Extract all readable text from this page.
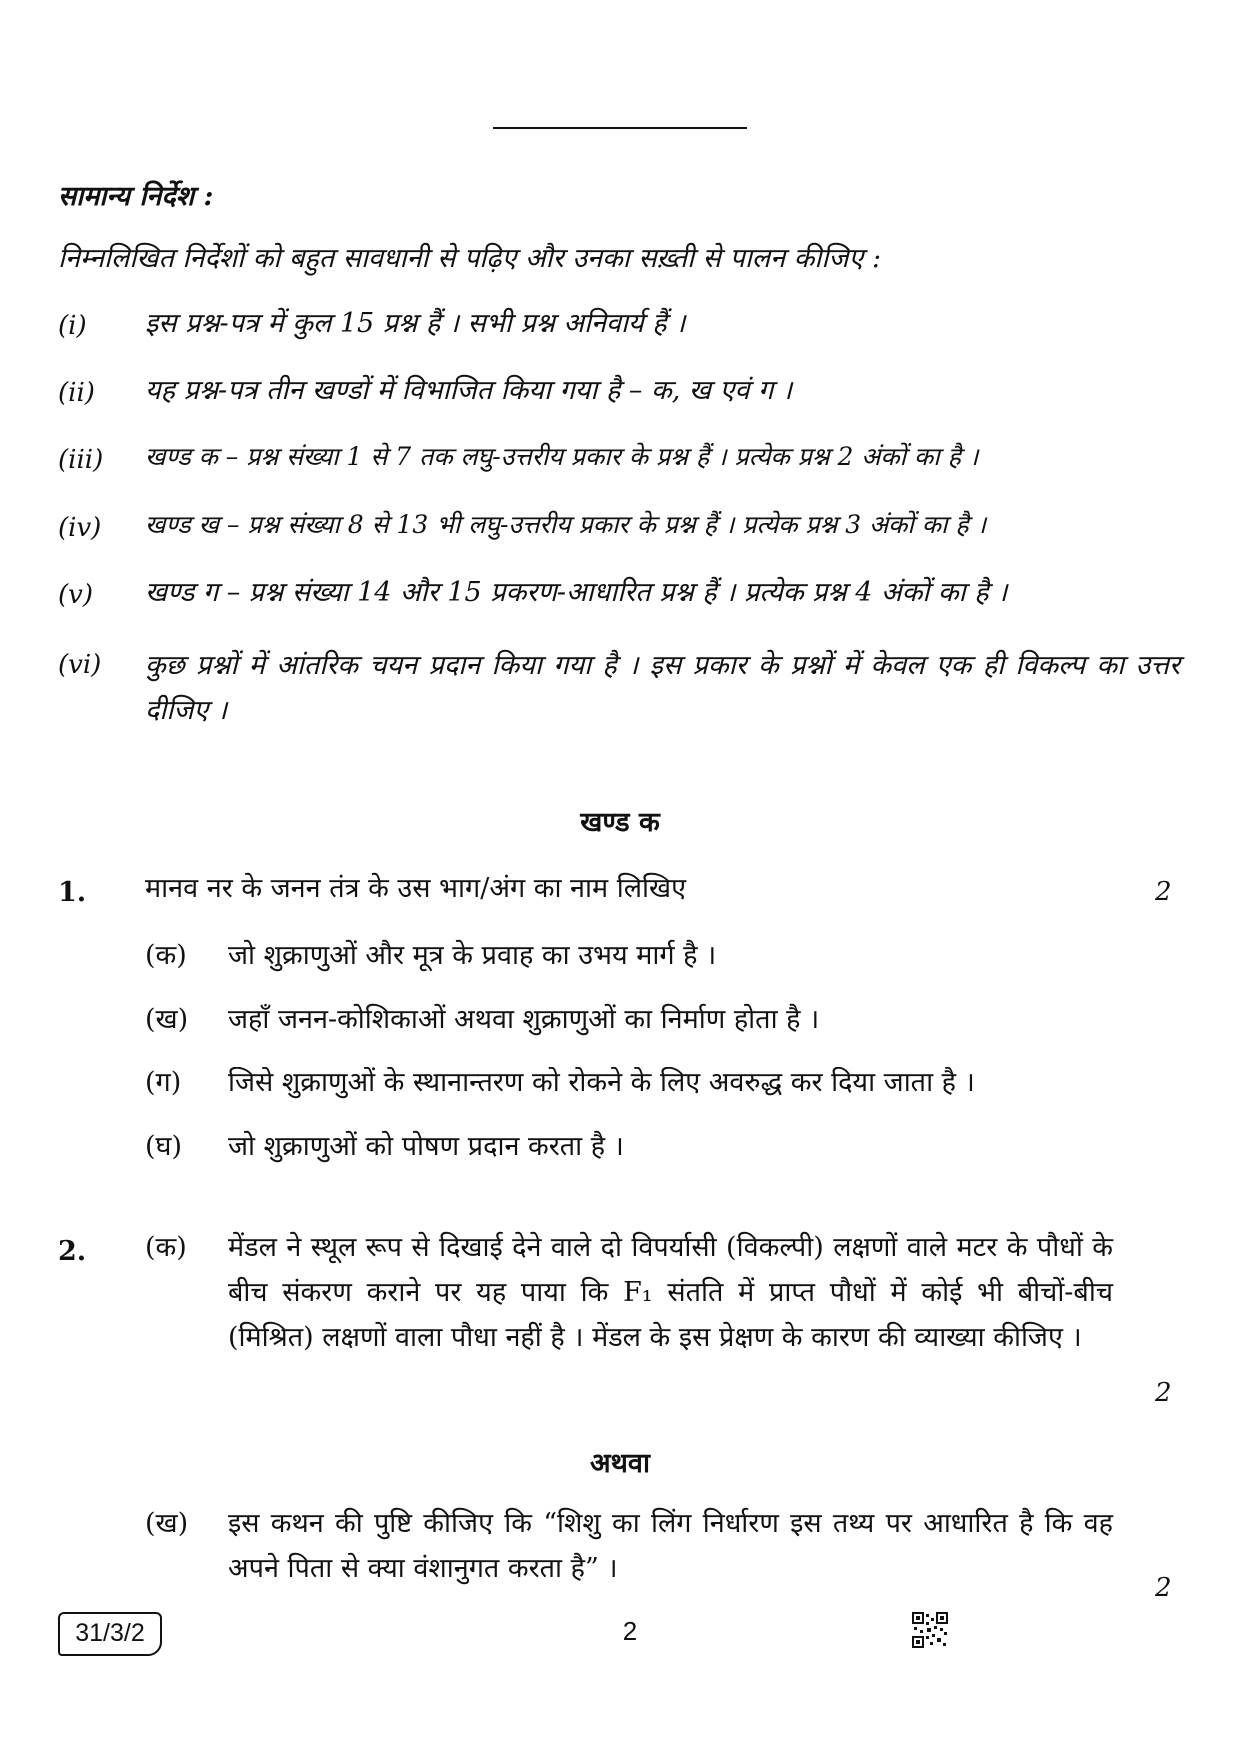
सामान्य निर्देश :
निम्नलिखित निर्देशों को बहुत सावधानी से पढ़िए और उनका सख़्ती से पालन कीजिए :
(i) इस प्रश्न-पत्र में कुल 15 प्रश्न हैं । सभी प्रश्न अनिवार्य हैं ।
(ii) यह प्रश्न-पत्र तीन खण्डों में विभाजित किया गया है – क, ख एवं ग ।
(iii) खण्ड क – प्रश्न संख्या 1 से 7 तक लघु-उत्तरीय प्रकार के प्रश्न हैं । प्रत्येक प्रश्न 2 अंकों का है ।
(iv) खण्ड ख – प्रश्न संख्या 8 से 13 भी लघु-उत्तरीय प्रकार के प्रश्न हैं । प्रत्येक प्रश्न 3 अंकों का है ।
(v) खण्ड ग – प्रश्न संख्या 14 और 15 प्रकरण-आधारित प्रश्न हैं । प्रत्येक प्रश्न 4 अंकों का है ।
(vi) कुछ प्रश्नों में आंतरिक चयन प्रदान किया गया है । इस प्रकार के प्रश्नों में केवल एक ही विकल्प का उत्तर दीजिए ।
खण्ड क
1. मानव नर के जनन तंत्र के उस भाग/अंग का नाम लिखिए	2
(क) जो शुक्राणुओं और मूत्र के प्रवाह का उभय मार्ग है ।
(ख) जहाँ जनन-कोशिकाओं अथवा शुक्राणुओं का निर्माण होता है ।
(ग) जिसे शुक्राणुओं के स्थानान्तरण को रोकने के लिए अवरुद्ध कर दिया जाता है ।
(घ) जो शुक्राणुओं को पोषण प्रदान करता है ।
2. (क) मेंडल ने स्थूल रूप से दिखाई देने वाले दो विपर्यासी (विकल्पी) लक्षणों वाले मटर के पौधों के बीच संकरण कराने पर यह पाया कि F₁ संतति में प्राप्त पौधों में कोई भी बीचों-बीच (मिश्रित) लक्षणों वाला पौधा नहीं है । मेंडल के इस प्रेक्षण के कारण की व्याख्या कीजिए ।
2
अथवा
(ख) इस कथन की पुष्टि कीजिए कि “शिशु का लिंग निर्धारण इस तथ्य पर आधारित है कि वह अपने पिता से क्या वंशानुगत करता है” ।
2
31/3/2	2
